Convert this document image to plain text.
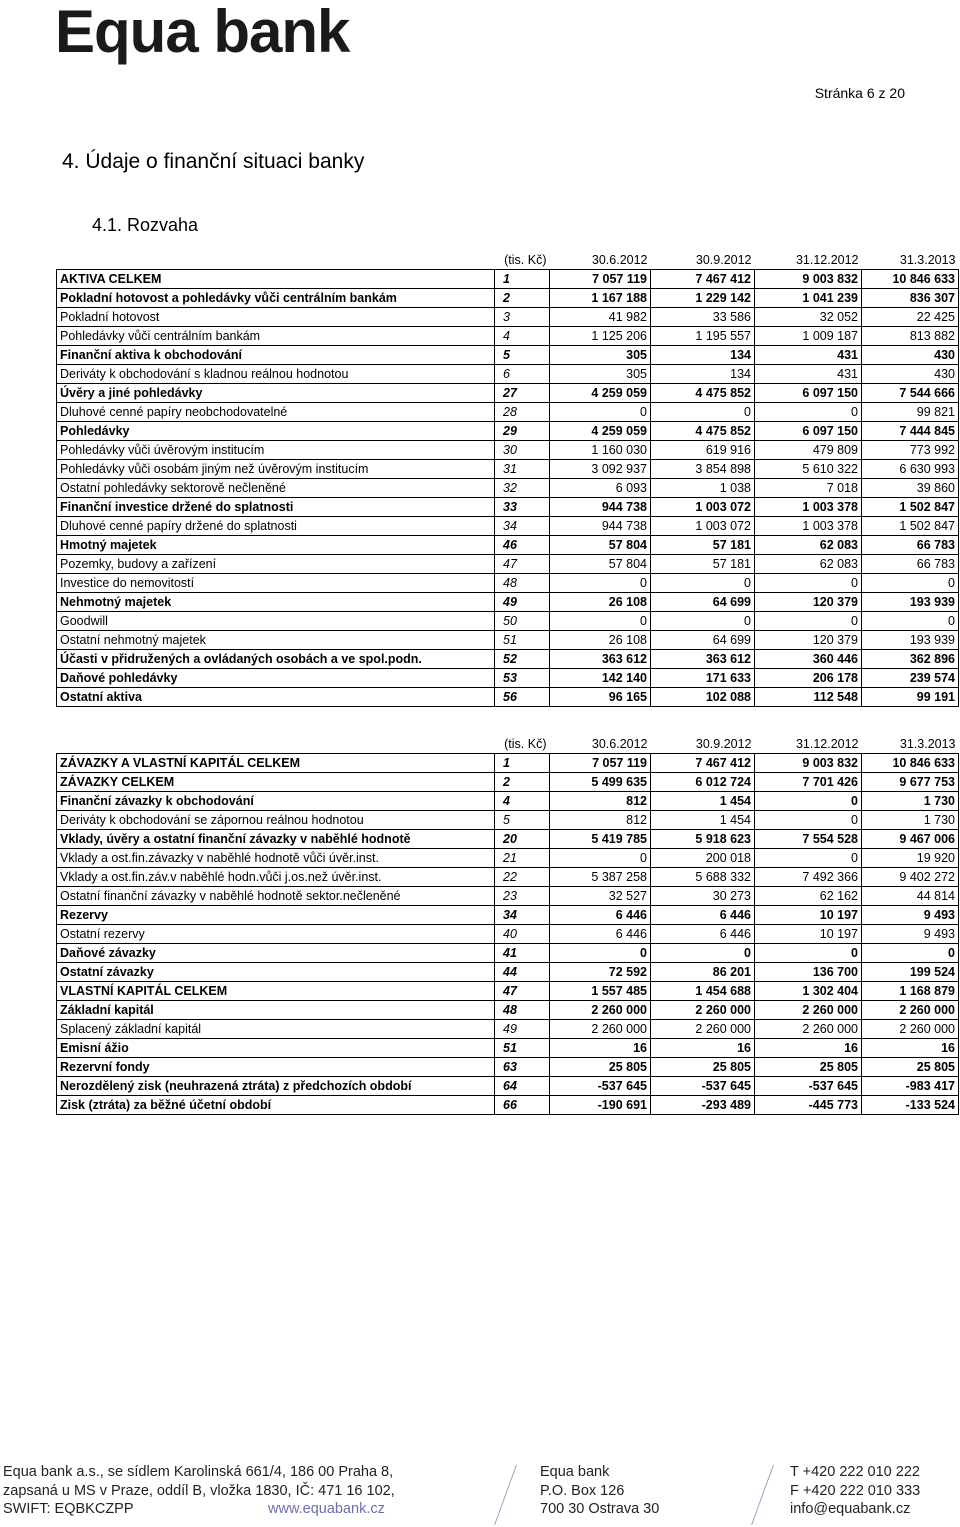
Equa bank
Stránka 6 z 20
4. Údaje o finanční situaci banky
4.1. Rozvaha
	(tis. Kč)	30.6.2012	30.9.2012	31.12.2012	31.3.2013
AKTIVA CELKEM	1	7 057 119	7 467 412	9 003 832	10 846 633
Pokladní hotovost a pohledávky vůči centrálním bankám	2	1 167 188	1 229 142	1 041 239	836 307
Pokladní hotovost	3	41 982	33 586	32 052	22 425
Pohledávky vůči centrálním bankám	4	1 125 206	1 195 557	1 009 187	813 882
Finanční aktiva k obchodování	5	305	134	431	430
Deriváty k obchodování s kladnou reálnou hodnotou	6	305	134	431	430
Úvěry a jiné pohledávky	27	4 259 059	4 475 852	6 097 150	7 544 666
Dluhové cenné papíry neobchodovatelné	28	0	0	0	99 821
Pohledávky	29	4 259 059	4 475 852	6 097 150	7 444 845
Pohledávky vůči úvěrovým institucím	30	1 160 030	619 916	479 809	773 992
Pohledávky vůči osobám jiným než úvěrovým institucím	31	3 092 937	3 854 898	5 610 322	6 630 993
Ostatní pohledávky sektorově nečleněné	32	6 093	1 038	7 018	39 860
Finanční investice držené do splatnosti	33	944 738	1 003 072	1 003 378	1 502 847
Dluhové cenné papíry držené do splatnosti	34	944 738	1 003 072	1 003 378	1 502 847
Hmotný majetek	46	57 804	57 181	62 083	66 783
Pozemky, budovy a zařízení	47	57 804	57 181	62 083	66 783
Investice do nemovitostí	48	0	0	0	0
Nehmotný majetek	49	26 108	64 699	120 379	193 939
Goodwill	50	0	0	0	0
Ostatní nehmotný majetek	51	26 108	64 699	120 379	193 939
Účasti v přidružených a ovládaných osobách a ve spol.podn.	52	363 612	363 612	360 446	362 896
Daňové pohledávky	53	142 140	171 633	206 178	239 574
Ostatní aktiva	56	96 165	102 088	112 548	99 191
	(tis. Kč)	30.6.2012	30.9.2012	31.12.2012	31.3.2013
ZÁVAZKY A VLASTNÍ KAPITÁL CELKEM	1	7 057 119	7 467 412	9 003 832	10 846 633
ZÁVAZKY CELKEM	2	5 499 635	6 012 724	7 701 426	9 677 753
Finanční závazky k obchodování	4	812	1 454	0	1 730
Deriváty k obchodování se zápornou reálnou hodnotou	5	812	1 454	0	1 730
Vklady, úvěry a ostatní finanční závazky v naběhlé hodnotě	20	5 419 785	5 918 623	7 554 528	9 467 006
Vklady a ost.fin.závazky v naběhlé hodnotě vůči úvěr.inst.	21	0	200 018	0	19 920
Vklady a ost.fin.záv.v naběhlé hodn.vůči j.os.než úvěr.inst.	22	5 387 258	5 688 332	7 492 366	9 402 272
Ostatní finanční závazky v naběhlé hodnotě sektor.nečleněné	23	32 527	30 273	62 162	44 814
Rezervy	34	6 446	6 446	10 197	9 493
Ostatní rezervy	40	6 446	6 446	10 197	9 493
Daňové závazky	41	0	0	0	0
Ostatní závazky	44	72 592	86 201	136 700	199 524
VLASTNÍ KAPITÁL CELKEM	47	1 557 485	1 454 688	1 302 404	1 168 879
Základní kapitál	48	2 260 000	2 260 000	2 260 000	2 260 000
Splacený základní kapitál	49	2 260 000	2 260 000	2 260 000	2 260 000
Emisní ážio	51	16	16	16	16
Rezervní fondy	63	25 805	25 805	25 805	25 805
Nerozdělený zisk (neuhrazená ztráta) z předchozích období	64	-537 645	-537 645	-537 645	-983 417
Zisk (ztráta) za běžné účetní období	66	-190 691	-293 489	-445 773	-133 524
Equa bank a.s., se sídlem Karolinská 661/4, 186 00 Praha 8,
zapsaná u MS v Praze, oddíl B, vložka 1830, IČ: 471 16 102,
SWIFT: EQBKCZPP	www.equabank.cz
Equa bank
P.O. Box 126
700 30 Ostrava 30
T +420 222 010 222
F +420 222 010 333
info@equabank.cz
